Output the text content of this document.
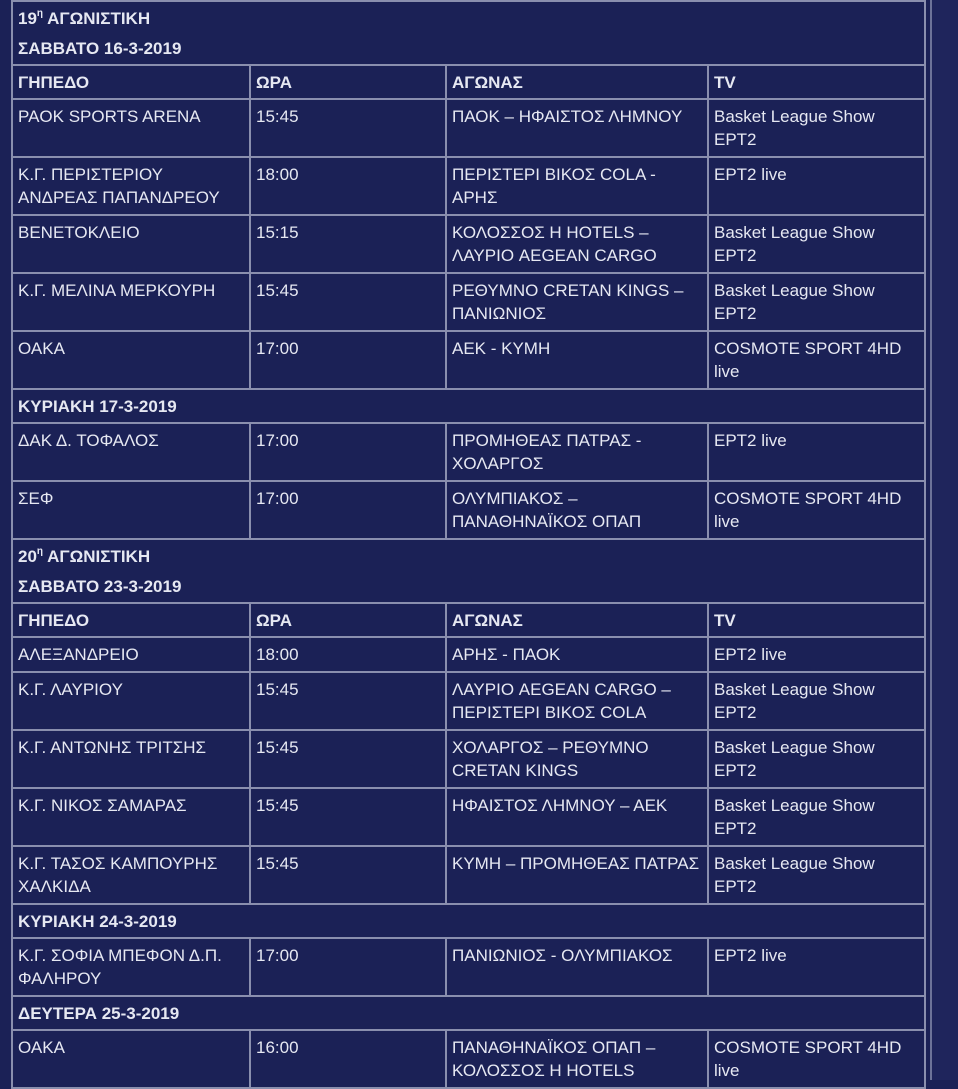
$19^\eta$ ΑΓΩΝΙΣΤΙΚΗ
ΣΑΒΒΑΤΟ 16-3-2019			

ΓΗΠΕΔΟ	ΩΡΑ	ΑΓΩΝΑΣ	TV
PAOK SPORTS ARENA	15:45	ΠΑΟΚ – ΗΦΑΙΣΤΟΣ ΛΗΜΝΟΥ	Basket League Show ΕΡΤ2
Κ.Γ. ΠΕΡΙΣΤΕΡΙΟΥ ΑΝΔΡΕΑΣ ΠΑΠΑΝΔΡΕΟΥ	18:00	ΠΕΡΙΣΤΕΡΙ ΒΙΚΟΣ COLA - ΑΡΗΣ	ΕΡΤ2 live
ΒΕΝΕΤΟΚΛΕΙΟ	15:15	ΚΟΛΟΣΣΟΣ Η HOTELS – ΛΑΥΡΙΟ AEGEAN CARGO	Basket League Show ΕΡΤ2
Κ.Γ. ΜΕΛΙΝΑ ΜΕΡΚΟΥΡΗ	15:45	ΡΕΘΥΜΝΟ CRETAN KINGS – ΠΑΝΙΩΝΙΟΣ	Basket League Show ΕΡΤ2
ΟΑΚΑ	17:00	ΑΕΚ - ΚΥΜΗ	COSMOTE SPORT 4HD live
ΚΥΡΙΑΚΗ 17-3-2019			
ΔΑΚ Δ. ΤΟΦΑΛΟΣ	17:00	ΠΡΟΜΗΘΕΑΣ ΠΑΤΡΑΣ - ΧΟΛΑΡΓΟΣ	ΕΡΤ2 live
ΣΕΦ	17:00	ΟΛΥΜΠΙΑΚΟΣ – ΠΑΝΑΘΗΝΑΪΚΟΣ ΟΠΑΠ	COSMOTE SPORT 4HD live

$20^\eta$ ΑΓΩΝΙΣΤΙΚΗ
ΣΑΒΒΑΤΟ 23-3-2019			

ΓΗΠΕΔΟ	ΩΡΑ	ΑΓΩΝΑΣ	TV
ΑΛΕΞΑΝΔΡΕΙΟ	18:00	ΑΡΗΣ - ΠΑΟΚ	ΕΡΤ2 live
Κ.Γ. ΛΑΥΡΙΟΥ	15:45	ΛΑΥΡΙΟ AEGEAN CARGO – ΠΕΡΙΣΤΕΡΙ ΒΙΚΟΣ COLA	Basket League Show ΕΡΤ2
Κ.Γ. ΑΝΤΩΝΗΣ ΤΡΙΤΣΗΣ	15:45	ΧΟΛΑΡΓΟΣ – ΡΕΘΥΜΝΟ CRETAN KINGS	Basket League Show ΕΡΤ2
Κ.Γ. ΝΙΚΟΣ ΣΑΜΑΡΑΣ	15:45	ΗΦΑΙΣΤΟΣ ΛΗΜΝΟΥ – ΑΕΚ	Basket League Show ΕΡΤ2
Κ.Γ. ΤΑΣΟΣ ΚΑΜΠΟΥΡΗΣ ΧΑΛΚΙΔΑ	15:45	ΚΥΜΗ – ΠΡΟΜΗΘΕΑΣ ΠΑΤΡΑΣ	Basket League Show ΕΡΤ2
ΚΥΡΙΑΚΗ 24-3-2019			
Κ.Γ. ΣΟΦΙΑ ΜΠΕΦΟΝ Δ.Π. ΦΑΛΗΡΟΥ	17:00	ΠΑΝΙΩΝΙΟΣ - ΟΛΥΜΠΙΑΚΟΣ	ΕΡΤ2 live
ΔΕΥΤΕΡΑ 25-3-2019			
ΟΑΚΑ	16:00	ΠΑΝΑΘΗΝΑΪΚΟΣ ΟΠΑΠ – ΚΟΛΟΣΣΟΣ Η HOTELS	COSMOTE SPORT 4HD live
